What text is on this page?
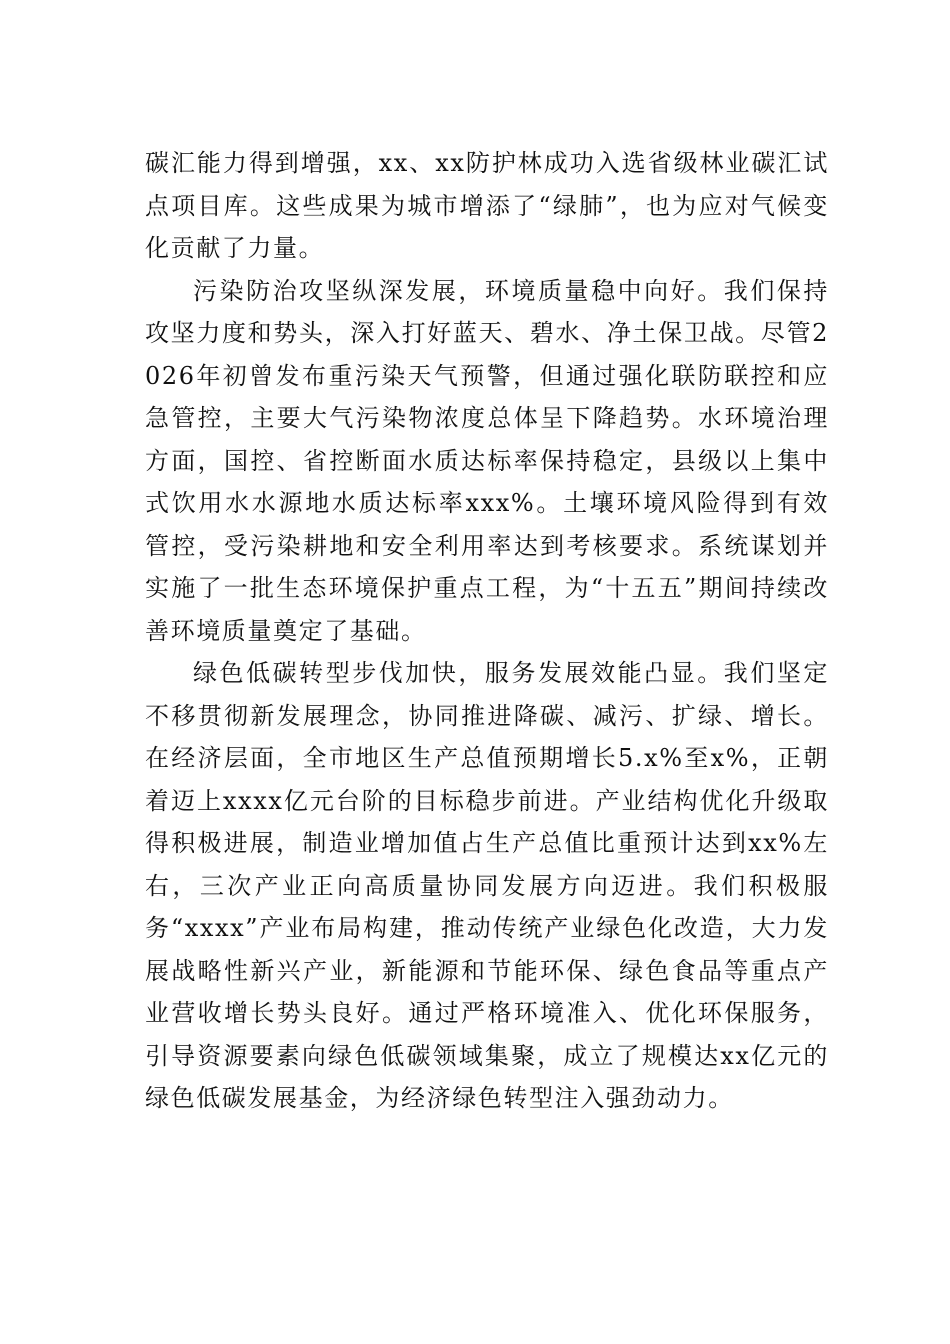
碳汇能力得到增强，xx、xx防护林成功入选省级林业碳汇试点项目库。这些成果为城市增添了“绿肺”，也为应对气候变化贡献了力量。

污染防治攻坚纵深发展，环境质量稳中向好。我们保持攻坚力度和势头，深入打好蓝天、碧水、净土保卫战。尽管2026年初曾发布重污染天气预警，但通过强化联防联控和应急管控，主要大气污染物浓度总体呈下降趋势。水环境治理方面，国控、省控断面水质达标率保持稳定，县级以上集中式饮用水水源地水质达标率xxx%。土壤环境风险得到有效管控，受污染耕地和安全利用率达到考核要求。系统谋划并实施了一批生态环境保护重点工程，为“十五五”期间持续改善环境质量奠定了基础。

绿色低碳转型步伐加快，服务发展效能凸显。我们坚定不移贯彻新发展理念，协同推进降碳、减污、扩绿、增长。在经济层面，全市地区生产总值预期增长5.x%至x%，正朝着迈上xxxx亿元台阶的目标稳步前进。产业结构优化升级取得积极进展，制造业增加值占生产总值比重预计达到xx%左右，三次产业正向高质量协同发展方向迈进。我们积极服务“xxxx”产业布局构建，推动传统产业绿色化改造，大力发展战略性新兴产业，新能源和节能环保、绿色食品等重点产业营收增长势头良好。通过严格环境准入、优化环保服务，引导资源要素向绿色低碳领域集聚，成立了规模达xx亿元的绿色低碳发展基金，为经济绿色转型注入强劲动力。
